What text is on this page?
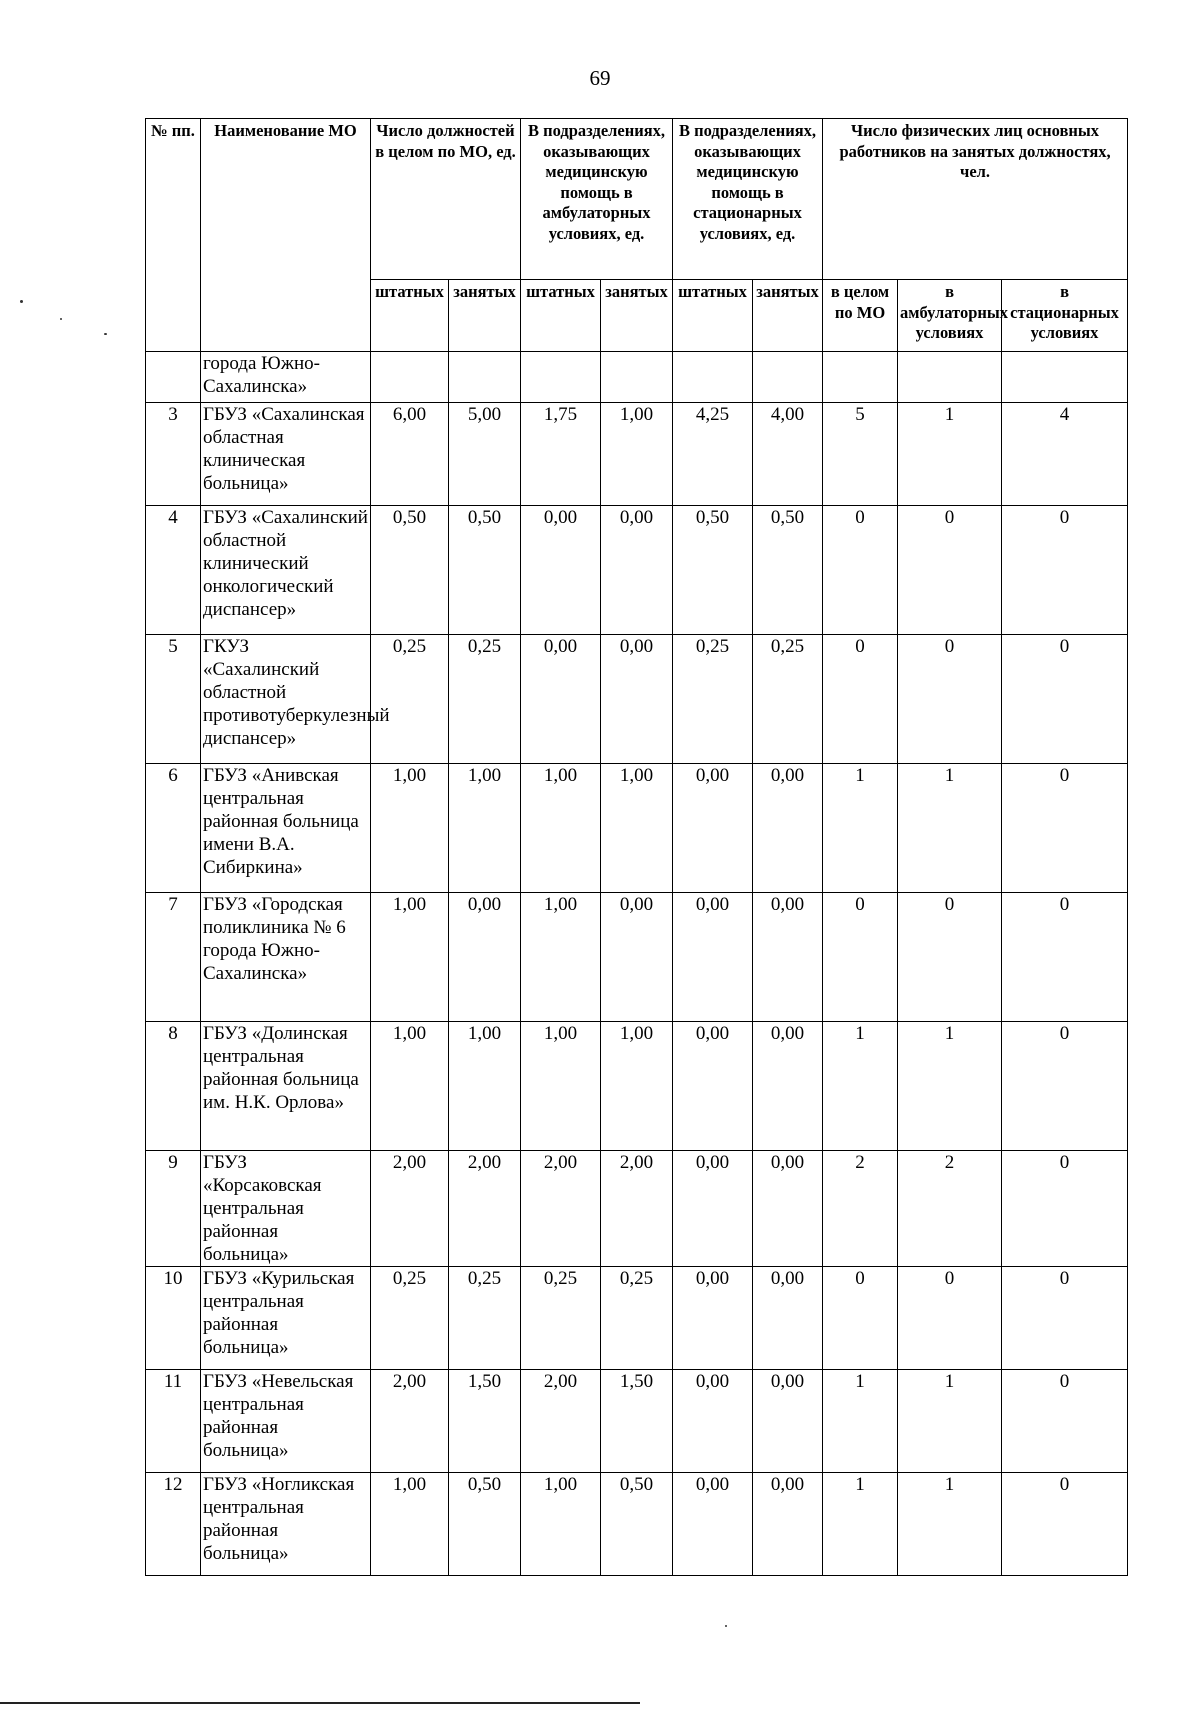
69
№ пп.	Наименование МО	Число должностей в целом по МО, ед.		В подразделениях, оказывающих медицинскую помощь в амбулаторных условиях, ед.		В подразделениях, оказывающих медицинскую помощь в стационарных условиях, ед.		Число физических лиц основных работников на занятых должностях, чел.		
		штатных	занятых	штатных	занятых	штатных	занятых	в целом по МО	в амбулаторных условиях	в стационарных условиях
	города Южно-Сахалинска»									
3	ГБУЗ «Сахалинская областная клиническая больница»	6,00	5,00	1,75	1,00	4,25	4,00	5	1	4
4	ГБУЗ «Сахалинский областной клинический онкологический диспансер»	0,50	0,50	0,00	0,00	0,50	0,50	0	0	0
5	ГКУЗ «Сахалинский областной противотуберкулезный диспансер»	0,25	0,25	0,00	0,00	0,25	0,25	0	0	0
6	ГБУЗ «Анивская центральная районная больница имени В.А. Сибиркина»	1,00	1,00	1,00	1,00	0,00	0,00	1	1	0
7	ГБУЗ «Городская поликлиника № 6 города Южно-Сахалинска»	1,00	0,00	1,00	0,00	0,00	0,00	0	0	0
8	ГБУЗ «Долинская центральная районная больница им. Н.К. Орлова»	1,00	1,00	1,00	1,00	0,00	0,00	1	1	0
9	ГБУЗ «Корсаковская центральная районная больница»	2,00	2,00	2,00	2,00	0,00	0,00	2	2	0
10	ГБУЗ «Курильская центральная районная больница»	0,25	0,25	0,25	0,25	0,00	0,00	0	0	0
11	ГБУЗ «Невельская центральная районная больница»	2,00	1,50	2,00	1,50	0,00	0,00	1	1	0
12	ГБУЗ «Ногликская центральная районная больница»	1,00	0,50	1,00	0,50	0,00	0,00	1	1	0
